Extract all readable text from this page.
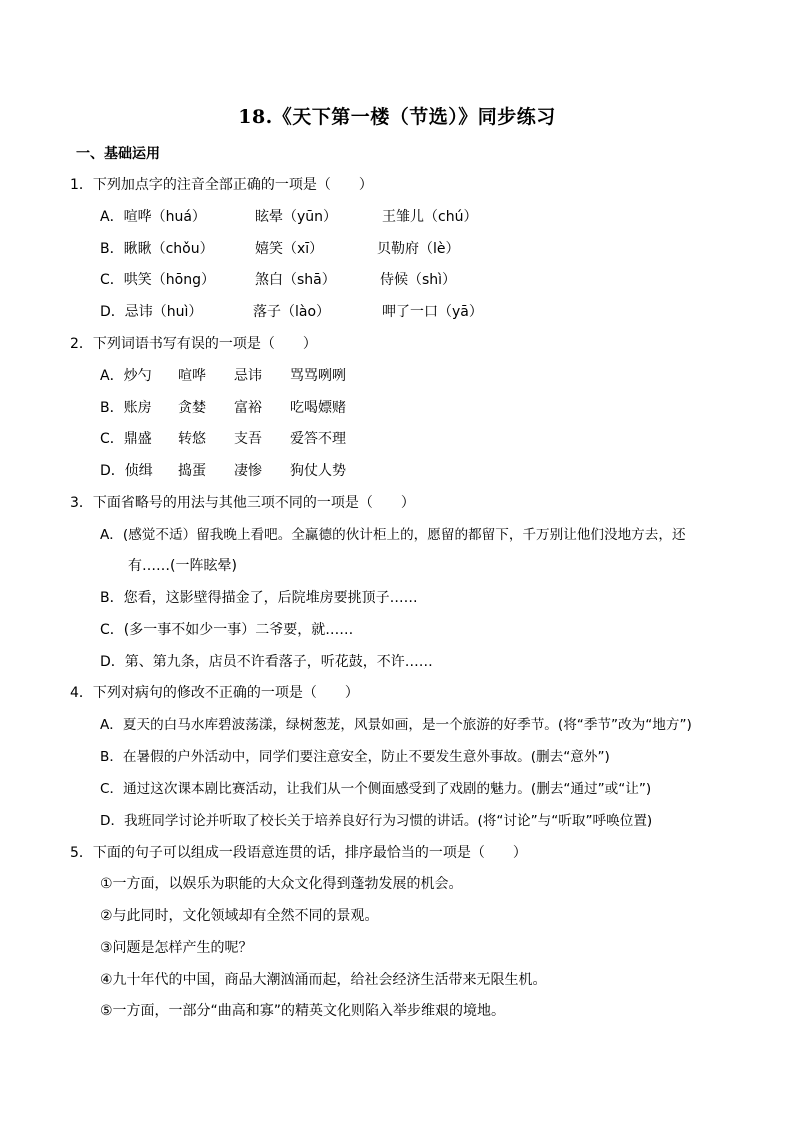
18.《天下第一楼（节选）》同步练习
一、基础运用
1．下列加点字的注音全部正确的一项是（　　）
A．喧哗（huá）	眩晕（yūn）	王雏儿（chú）
B．瞅瞅（chǒu）	嬉笑（xī）	贝勒府（lè）
C．哄笑（hōng）	煞白（shā）	侍候（shì）
D．忌讳（huì）	落子（lào）	呷了一口（yā）
2．下列词语书写有误的一项是（　　）
A．炒勺 喧哗 忌讳 骂骂咧咧
B．账房 贪婪 富裕 吃喝嫖赌
C．鼎盛 转悠 支吾 爱答不理
D．侦缉 捣蛋 凄惨 狗仗人势
3．下面省略号的用法与其他三项不同的一项是（　　）
A．(感觉不适）留我晚上看吧。全赢德的伙计柜上的，愿留的都留下，千万别让他们没地方去，还
有……(一阵眩晕)
B．您看，这影壁得描金了，后院堆房要挑顶子……
C．(多一事不如少一事）二爷要，就……
D．第、第九条，店员不许看落子，听花鼓，不许……
4．下列对病句的修改不正确的一项是（　　）
A．夏天的白马水库碧波荡漾，绿树葱茏，风景如画，是一个旅游的好季节。(将“季节”改为“地方”)
B．在暑假的户外活动中，同学们要注意安全，防止不要发生意外事故。(删去“意外”)
C．通过这次课本剧比赛活动，让我们从一个侧面感受到了戏剧的魅力。(删去“通过”或“让”)
D．我班同学讨论并听取了校长关于培养良好行为习惯的讲话。(将“讨论”与“听取”呼唤位置)
5．下面的句子可以组成一段语意连贯的话，排序最恰当的一项是（　　）
①一方面，以娱乐为职能的大众文化得到蓬勃发展的机会。
②与此同时，文化领域却有全然不同的景观。
③问题是怎样产生的呢？
④九十年代的中国，商品大潮汹涌而起，给社会经济生活带来无限生机。
⑤一方面，一部分“曲高和寡”的精英文化则陷入举步维艰的境地。
